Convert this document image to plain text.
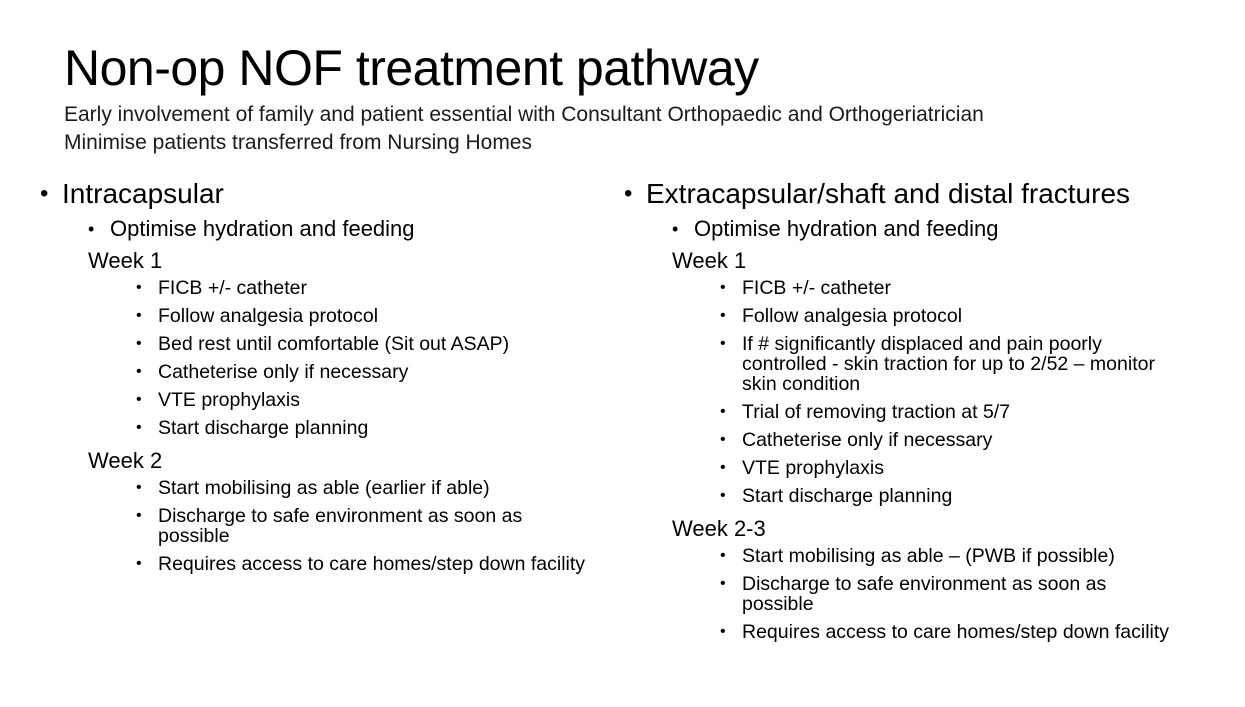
Non-op NOF treatment pathway
Early involvement of family and patient essential with Consultant Orthopaedic and Orthogeriatrician
Minimise patients transferred from Nursing Homes
• Intracapsular
• Optimise hydration and feeding
Week 1
• FICB +/- catheter
• Follow analgesia protocol
• Bed rest until comfortable (Sit out ASAP)
• Catheterise only if necessary
• VTE prophylaxis
• Start discharge planning
Week 2
• Start mobilising as able (earlier if able)
• Discharge to safe environment as soon as possible
• Requires access to care homes/step down facility
• Extracapsular/shaft and distal fractures
• Optimise hydration and feeding
Week 1
• FICB +/- catheter
• Follow analgesia protocol
• If # significantly displaced and pain poorly controlled - skin traction for up to 2/52 – monitor skin condition
• Trial of removing traction at 5/7
• Catheterise only if necessary
• VTE prophylaxis
• Start discharge planning
Week 2-3
• Start mobilising as able – (PWB if possible)
• Discharge to safe environment as soon as possible
• Requires access to care homes/step down facility
